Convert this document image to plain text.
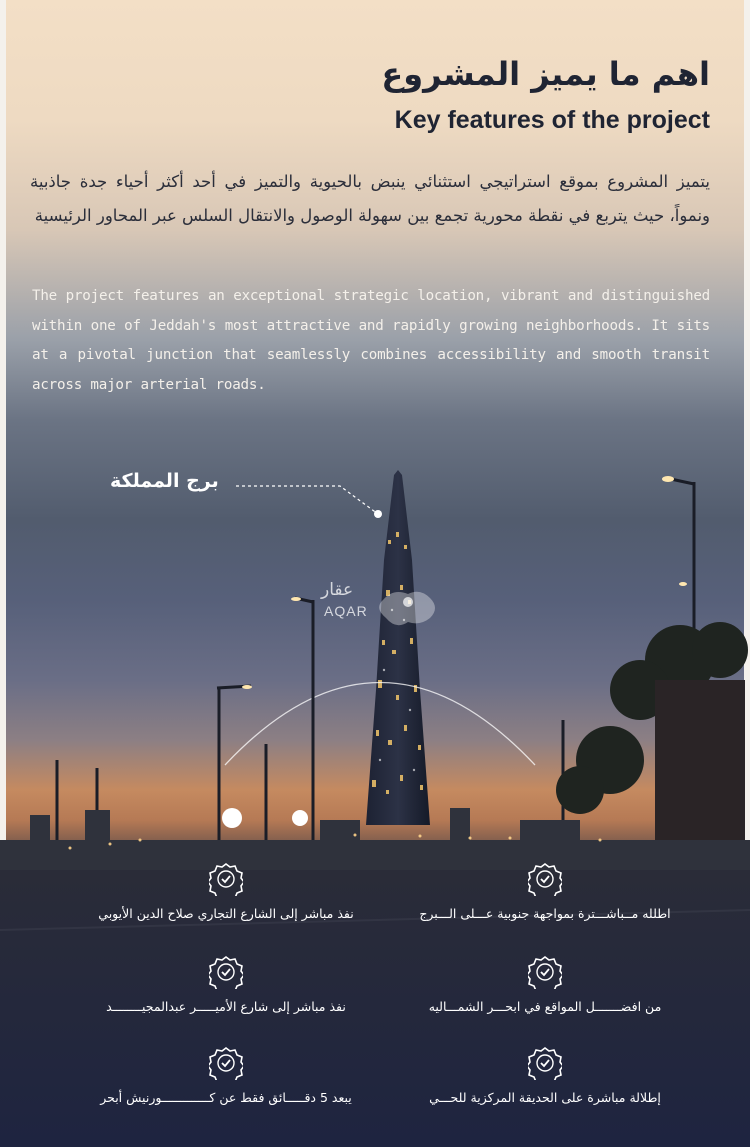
اهم ما يميز المشروع
Key features of the project

يتميز المشروع بموقع استراتيجي استثنائي ينبض بالحيوية والتميز في أحد أكثر أحياء جدة جاذبية ونمواً، حيث يتربع في نقطة محورية تجمع بين سهولة الوصول والانتقال السلس عبر المحاور الرئيسية

The project features an exceptional strategic location, vibrant and distinguished within one of Jeddah's most attractive and rapidly growing neighborhoods. It sits at a pivotal junction that seamlessly combines accessibility and smooth transit across major arterial roads.

برج المملكة
عقار
AQAR
اطلله مــباشـــترة بمواجهة جنوبية عـــلى الـــبرج
من افضـــــــل المواقع في ابحـــر الشمـــاليه
إطلالة مباشرة على الحديقة المركزية للحـــي
نفذ مباشر إلى الشارع التجاري صلاح الدين الأيوبي
نفذ مباشر إلى شارع الأميـــــر عبدالمجيــــــــد
يبعد 5 دقـــــائق فقط عن كـــــــــــــورنيش أبحر
